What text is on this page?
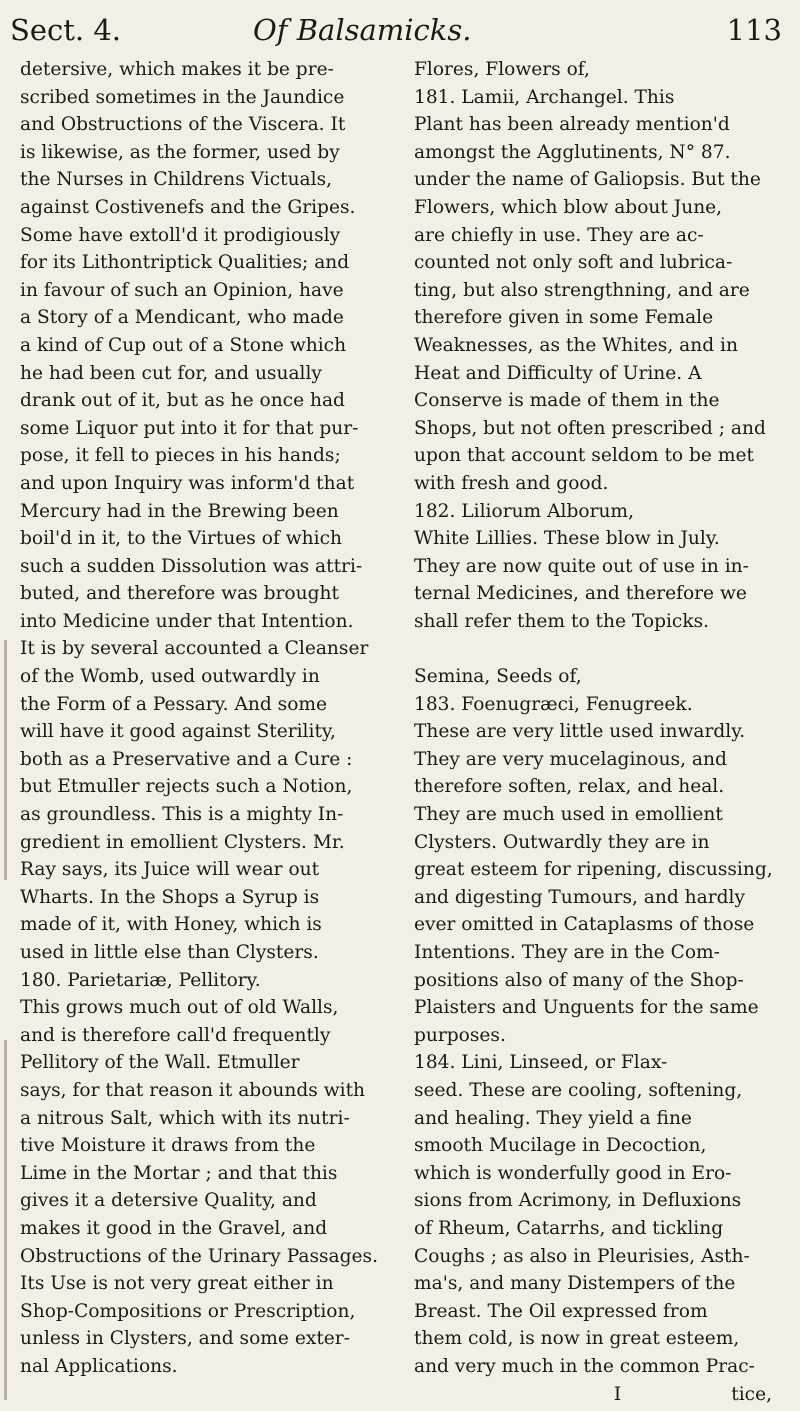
Sect. 4.	Of Balsamicks.	113
detersive, which makes it be pre-
scribed sometimes in the Jaundice
and Obstructions of the Viscera. It
is likewise, as the former, used by
the Nurses in Childrens Victuals,
against Costivenefs and the Gripes.
Some have extoll'd it prodigiously
for its Lithontriptick Qualities; and
in favour of such an Opinion, have
a Story of a Mendicant, who made
a kind of Cup out of a Stone which
he had been cut for, and usually
drank out of it, but as he once had
some Liquor put into it for that pur-
pose, it fell to pieces in his hands;
and upon Inquiry was inform'd that
Mercury had in the Brewing been
boil'd in it, to the Virtues of which
such a sudden Dissolution was attri-
buted, and therefore was brought
into Medicine under that Intention.
It is by several accounted a Cleanser
of the Womb, used outwardly in
the Form of a Pessary. And some
will have it good against Sterility,
both as a Preservative and a Cure :
but Etmuller rejects such a Notion,
as groundless. This is a mighty In-
gredient in emollient Clysters. Mr.
Ray says, its Juice will wear out
Wharts. In the Shops a Syrup is
made of it, with Honey, which is
used in little else than Clysters.
180. Parietariæ, Pellitory.
This grows much out of old Walls,
and is therefore call'd frequently
Pellitory of the Wall. Etmuller
says, for that reason it abounds with
a nitrous Salt, which with its nutri-
tive Moisture it draws from the
Lime in the Mortar ; and that this
gives it a detersive Quality, and
makes it good in the Gravel, and
Obstructions of the Urinary Passages.
Its Use is not very great either in
Shop-Compositions or Prescription,
unless in Clysters, and some exter-
nal Applications.
Flores, Flowers of,
181. Lamii, Archangel. This
Plant has been already mention'd
amongst the Agglutinents, N° 87.
under the name of Galiopsis. But the
Flowers, which blow about June,
are chiefly in use. They are ac-
counted not only soft and lubrica-
ting, but also strengthning, and are
therefore given in some Female
Weaknesses, as the Whites, and in
Heat and Difficulty of Urine. A
Conserve is made of them in the
Shops, but not often prescribed ; and
upon that account seldom to be met
with fresh and good.
182. Liliorum Alborum,
White Lillies. These blow in July.
They are now quite out of use in in-
ternal Medicines, and therefore we
shall refer them to the Topicks.

Semina, Seeds of,
183. Foenugræci, Fenugreek.
These are very little used inwardly.
They are very mucelaginous, and
therefore soften, relax, and heal.
They are much used in emollient
Clysters. Outwardly they are in
great esteem for ripening, discussing,
and digesting Tumours, and hardly
ever omitted in Cataplasms of those
Intentions. They are in the Com-
positions also of many of the Shop-
Plaisters and Unguents for the same
purposes.
184. Lini, Linseed, or Flax-
seed. These are cooling, softening,
and healing. They yield a fine
smooth Mucilage in Decoction,
which is wonderfully good in Ero-
sions from Acrimony, in Defluxions
of Rheum, Catarrhs, and tickling
Coughs ; as also in Pleurisies, Asth-
ma's, and many Distempers of the
Breast. The Oil expressed from
them cold, is now in great esteem,
and very much in the common Prac-
I	tice,
